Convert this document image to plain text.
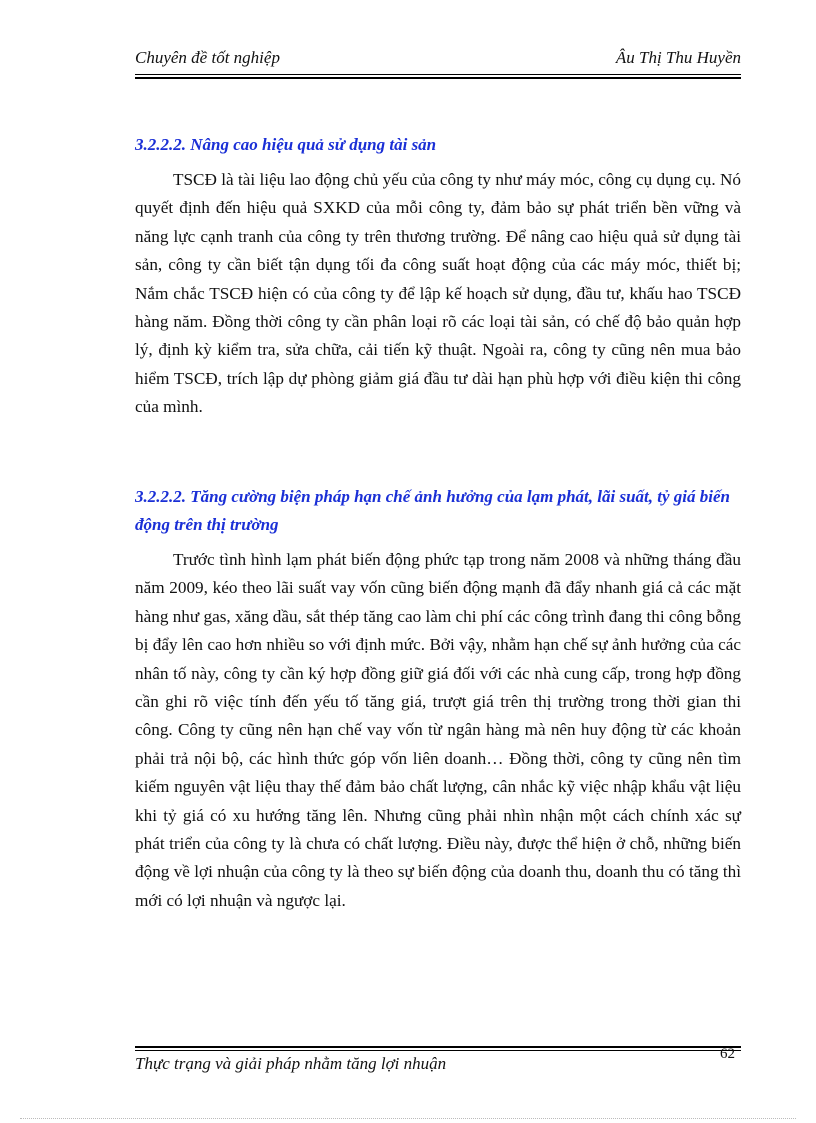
Chuyên đề tốt nghiệp	Âu Thị Thu Huyền
3.2.2.2. Nâng cao hiệu quả sử dụng tài sản
TSCĐ là tài liệu lao động chủ yếu của công ty như máy móc, công cụ dụng cụ. Nó quyết định đến hiệu quả SXKD của mỗi công ty, đảm bảo sự phát triển bền vững và năng lực cạnh tranh của công ty trên thương trường. Để nâng cao hiệu quả sử dụng tài sản, công ty cần biết tận dụng tối đa công suất hoạt động của các máy móc, thiết bị; Nắm chắc TSCĐ hiện có của công ty để lập kế hoạch sử dụng, đầu tư, khấu hao TSCĐ hàng năm. Đồng thời công ty cần phân loại rõ các loại tài sản, có chế độ bảo quản hợp lý, định kỳ kiểm tra, sửa chữa, cải tiến kỹ thuật. Ngoài ra, công ty cũng nên mua bảo hiểm TSCĐ, trích lập dự phòng giảm giá đầu tư dài hạn phù hợp với điều kiện thi công của mình.
3.2.2.2. Tăng cường biện pháp hạn chế ảnh hưởng của lạm phát, lãi suất, tỷ giá biến động trên thị trường
Trước tình hình lạm phát biến động phức tạp trong năm 2008 và những tháng đầu năm 2009, kéo theo lãi suất vay vốn cũng biến động mạnh đã đẩy nhanh giá cả các mặt hàng như gas, xăng dầu, sắt thép tăng cao làm chi phí các công trình đang thi công bỗng bị đẩy lên cao hơn nhiều so với định mức. Bởi vậy, nhằm hạn chế sự ảnh hưởng của các nhân tố này, công ty cần ký hợp đồng giữ giá đối với các nhà cung cấp, trong hợp đồng cần ghi rõ việc tính đến yếu tố tăng giá, trượt giá trên thị trường trong thời gian thi công. Công ty cũng nên hạn chế vay vốn từ ngân hàng mà nên huy động từ các khoản phải trả nội bộ, các hình thức góp vốn liên doanh… Đồng thời, công ty cũng nên tìm kiếm nguyên vật liệu thay thế đảm bảo chất lượng, cân nhắc kỹ việc nhập khẩu vật liệu khi tỷ giá có xu hướng tăng lên. Nhưng cũng phải nhìn nhận một cách chính xác sự phát triển của công ty là chưa có chất lượng. Điều này, được thể hiện ở chỗ, những biến động về lợi nhuận của công ty là theo sự biến động của doanh thu, doanh thu có tăng thì mới có lợi nhuận và ngược lại.
Thực trạng và giải pháp nhằm tăng lợi nhuận	62
